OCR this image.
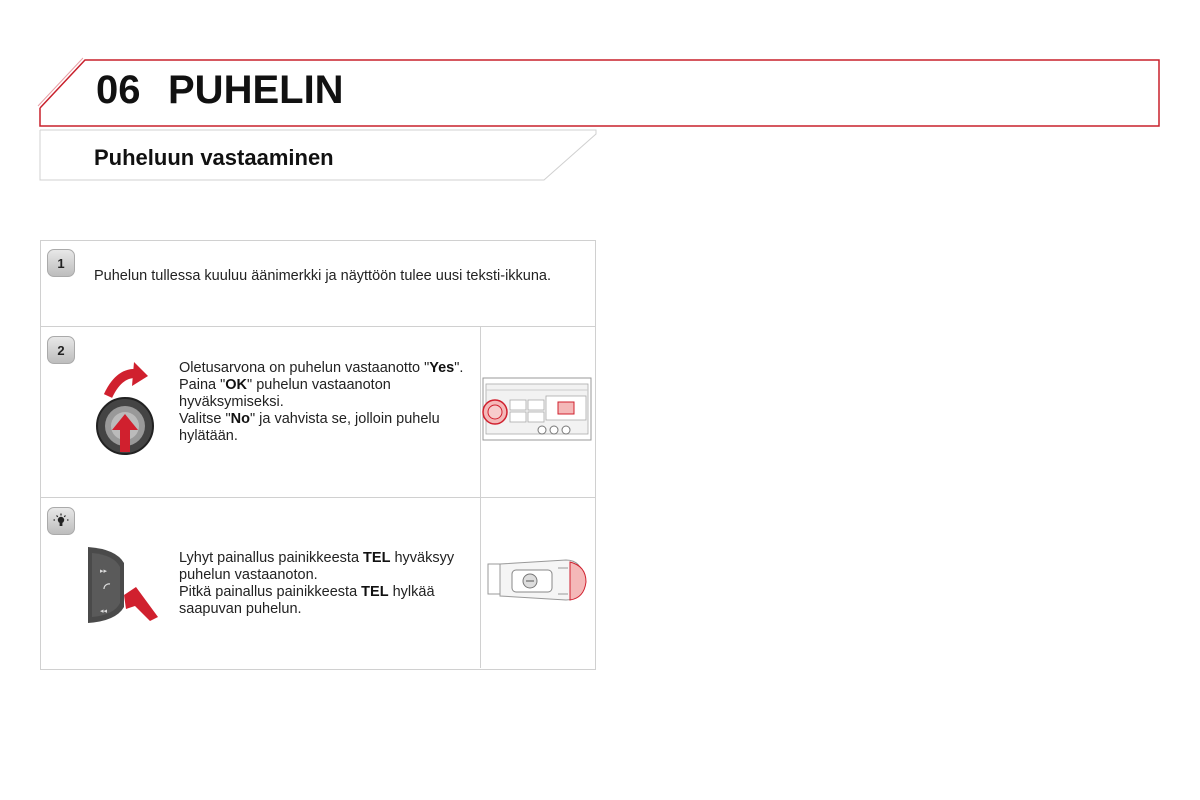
06 PUHELIN
Puheluun vastaaminen
1
Puhelun tullessa kuuluu äänimerkki ja näyttöön tulee uusi teksti-ikkuna.
2

Oletusarvona on puhelun vastaanotto "Yes".

Paina "OK" puhelun vastaanoton hyväksymiseksi.

Valitse "No" ja vahvista se, jolloin puhelu hylätään.

▸▸
◂◂

Lyhyt painallus painikkeesta TEL hyväksyy puhelun vastaanoton.

Pitkä painallus painikkeesta TEL hylkää saapuvan puhelun.
